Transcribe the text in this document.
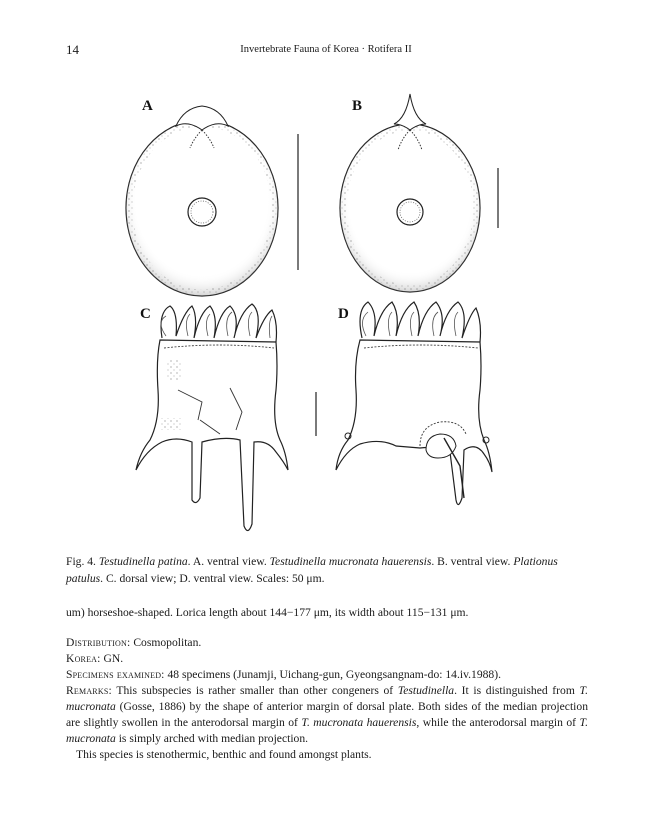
14	Invertebrate Fauna of Korea · Rotifera II
A	B
C	D
Fig. 4. Testudinella patina. A. ventral view. Testudinella mucronata hauerensis. B. ventral view. Plationus patulus. C. dorsal view; D. ventral view. Scales: 50 μm.

um) horseshoe-shaped. Lorica length about 144−177 μm, its width about 115−131 μm.

Distribution: Cosmopolitan.

Korea: GN.

Specimens examined: 48 specimens (Junamji, Uichang-gun, Gyeongsangnam-do: 14.iv.1988).

Remarks: This subspecies is rather smaller than other congeners of Testudinella. It is distinguished from T. mucronata (Gosse, 1886) by the shape of anterior margin of dorsal plate. Both sides of the median projection are slightly swollen in the anterodorsal margin of T. mucronata hauerensis, while the anterodorsal margin of T. mucronata is simply arched with median projection.

This species is stenothermic, benthic and found amongst plants.
